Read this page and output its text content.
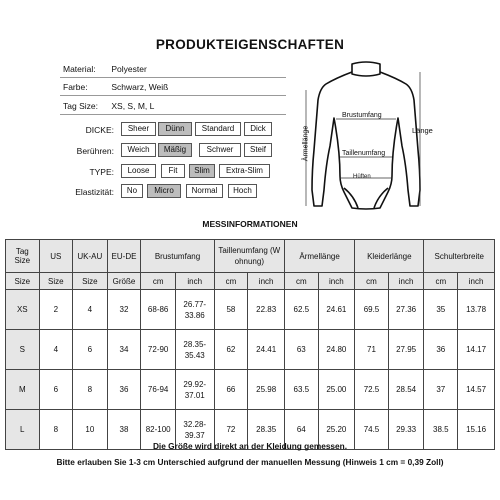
PRODUKTEIGENSCHAFTEN
Material: Polyester
Farbe:	Schwarz, Weiß
Tag Size: XS, S, M, L
DICKE:	Sheer	Dünn	Standard	Dick
Berühren:	Weich	Mäßig	Schwer	Steif
TYPE:	Loose	Fit	Slim	Extra-Slim
Elastizität:	No	Micro	Normal	Hoch
Brustumfang
Taillenumfang
Hüften
Ärmellänge	Länge
MESSINFORMATIONEN
Tag Size	US	UK-AU	EU-DE	Brustumfang		Taillenumfang (W ohnung)		Ärmellänge		Kleiderlänge		Schulterbreite	
Size	Size	Size	Größe	cm	inch	cm	inch	cm	inch	cm	inch	cm	inch
XS	2	4	32	68-86	26.77-33.86	58	22.83	62.5	24.61	69.5	27.36	35	13.78
S	4	6	34	72-90	28.35-35.43	62	24.41	63	24.80	71	27.95	36	14.17
M	6	8	36	76-94	29.92-37.01	66	25.98	63.5	25.00	72.5	28.54	37	14.57
L	8	10	38	82-100	32.28-39.37	72	28.35	64	25.20	74.5	29.33	38.5	15.16
Die Größe wird direkt an der Kleidung gemessen.
Bitte erlauben Sie 1-3 cm Unterschied aufgrund der manuellen Messung (Hinweis 1 cm = 0,39 Zoll)
